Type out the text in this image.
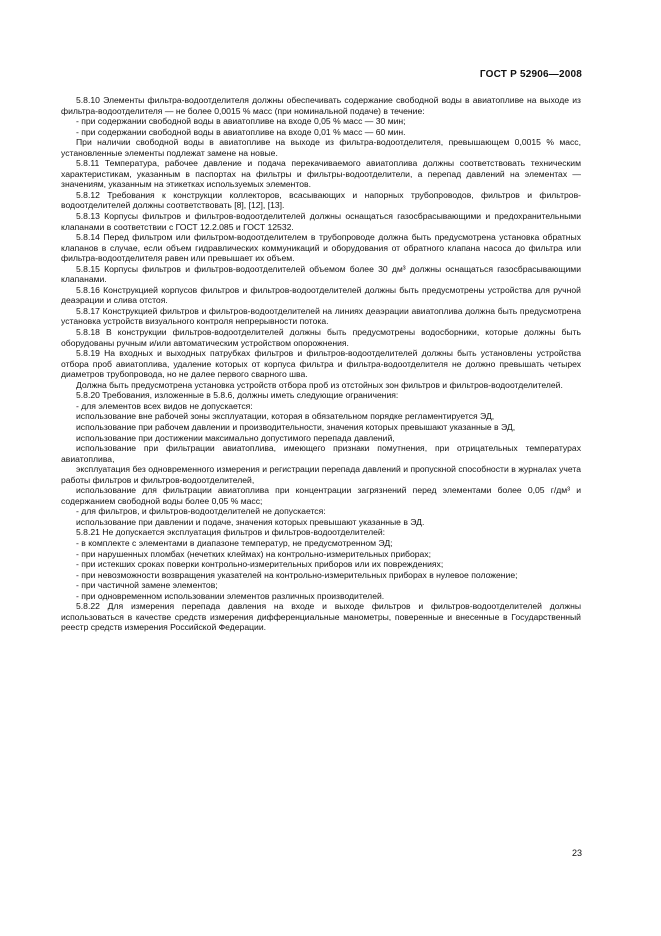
ГОСТ Р 52906—2008

5.8.10 Элементы фильтра-водоотделителя должны обеспечивать содержание свободной воды в авиатопливе на выходе из фильтра-водоотделителя — не более 0,0015 % масс (при номинальной подаче) в течение:

- при содержании свободной воды в авиатопливе на входе 0,05 % масс — 30 мин;

- при содержании свободной воды в авиатопливе на входе 0,01 % масс — 60 мин.

При наличии свободной воды в авиатопливе на выходе из фильтра-водоотделителя, превышающем 0,0015 % масс, установленные элементы подлежат замене на новые.

5.8.11 Температура, рабочее давление и подача перекачиваемого авиатоплива должны соответствовать техническим характеристикам, указанным в паспортах на фильтры и фильтры-водоотделители, а перепад давлений на элементах — значениям, указанным на этикетках используемых элементов.

5.8.12 Требования к конструкции коллекторов, всасывающих и напорных трубопроводов, фильтров и фильтров-водоотделителей должны соответствовать [8], [12], [13].

5.8.13 Корпусы фильтров и фильтров-водоотделителей должны оснащаться газосбрасывающими и предохранительными клапанами в соответствии с ГОСТ 12.2.085 и ГОСТ 12532.

5.8.14 Перед фильтром или фильтром-водоотделителем в трубопроводе должна быть предусмотрена установка обратных клапанов в случае, если объем гидравлических коммуникаций и оборудования от обратного клапана насоса до фильтра или фильтра-водоотделителя равен или превышает их объем.

5.8.15 Корпусы фильтров и фильтров-водоотделителей объемом более 30 дм³ должны оснащаться газосбрасывающими клапанами.

5.8.16 Конструкцией корпусов фильтров и фильтров-водоотделителей должны быть предусмотрены устройства для ручной деаэрации и слива отстоя.

5.8.17 Конструкцией фильтров и фильтров-водоотделителей на линиях деаэрации авиатоплива должна быть предусмотрена установка устройств визуального контроля непрерывности потока.

5.8.18 В конструкции фильтров-водоотделителей должны быть предусмотрены водосборники, которые должны быть оборудованы ручным и/или автоматическим устройством опорожнения.

5.8.19 На входных и выходных патрубках фильтров и фильтров-водоотделителей должны быть установлены устройства отбора проб авиатоплива, удаление которых от корпуса фильтра и фильтра-водоотделителя не должно превышать четырех диаметров трубопровода, но не далее первого сварного шва.

Должна быть предусмотрена установка устройств отбора проб из отстойных зон фильтров и фильтров-водоотделителей.

5.8.20 Требования, изложенные в 5.8.6, должны иметь следующие ограничения:

- для элементов всех видов не допускается:

использование вне рабочей зоны эксплуатации, которая в обязательном порядке регламентируется ЭД,

использование при рабочем давлении и производительности, значения которых превышают указанные в ЭД,

использование при достижении максимально допустимого перепада давлений,

использование при фильтрации авиатоплива, имеющего признаки помутнения, при отрицательных температурах авиатоплива,

эксплуатация без одновременного измерения и регистрации перепада давлений и пропускной способности в журналах учета работы фильтров и фильтров-водоотделителей,

использование для фильтрации авиатоплива при концентрации загрязнений перед элементами более 0,05 г/дм³ и содержанием свободной воды более 0,05 % масс;

- для фильтров, и фильтров-водоотделителей не допускается:

использование при давлении и подаче, значения которых превышают указанные в ЭД.

5.8.21 Не допускается эксплуатация фильтров и фильтров-водоотделителей:

- в комплекте с элементами в диапазоне температур, не предусмотренном ЭД;

- при нарушенных пломбах (нечетких клеймах) на контрольно-измерительных приборах;

- при истекших сроках поверки контрольно-измерительных приборов или их повреждениях;

- при невозможности возвращения указателей на контрольно-измерительных приборах в нулевое положение;

- при частичной замене элементов;

- при одновременном использовании элементов различных производителей.

5.8.22 Для измерения перепада давления на входе и выходе фильтров и фильтров-водоотделителей должны использоваться в качестве средств измерения дифференциальные манометры, поверенные и внесенные в Государственный реестр средств измерения Российской Федерации.

23
